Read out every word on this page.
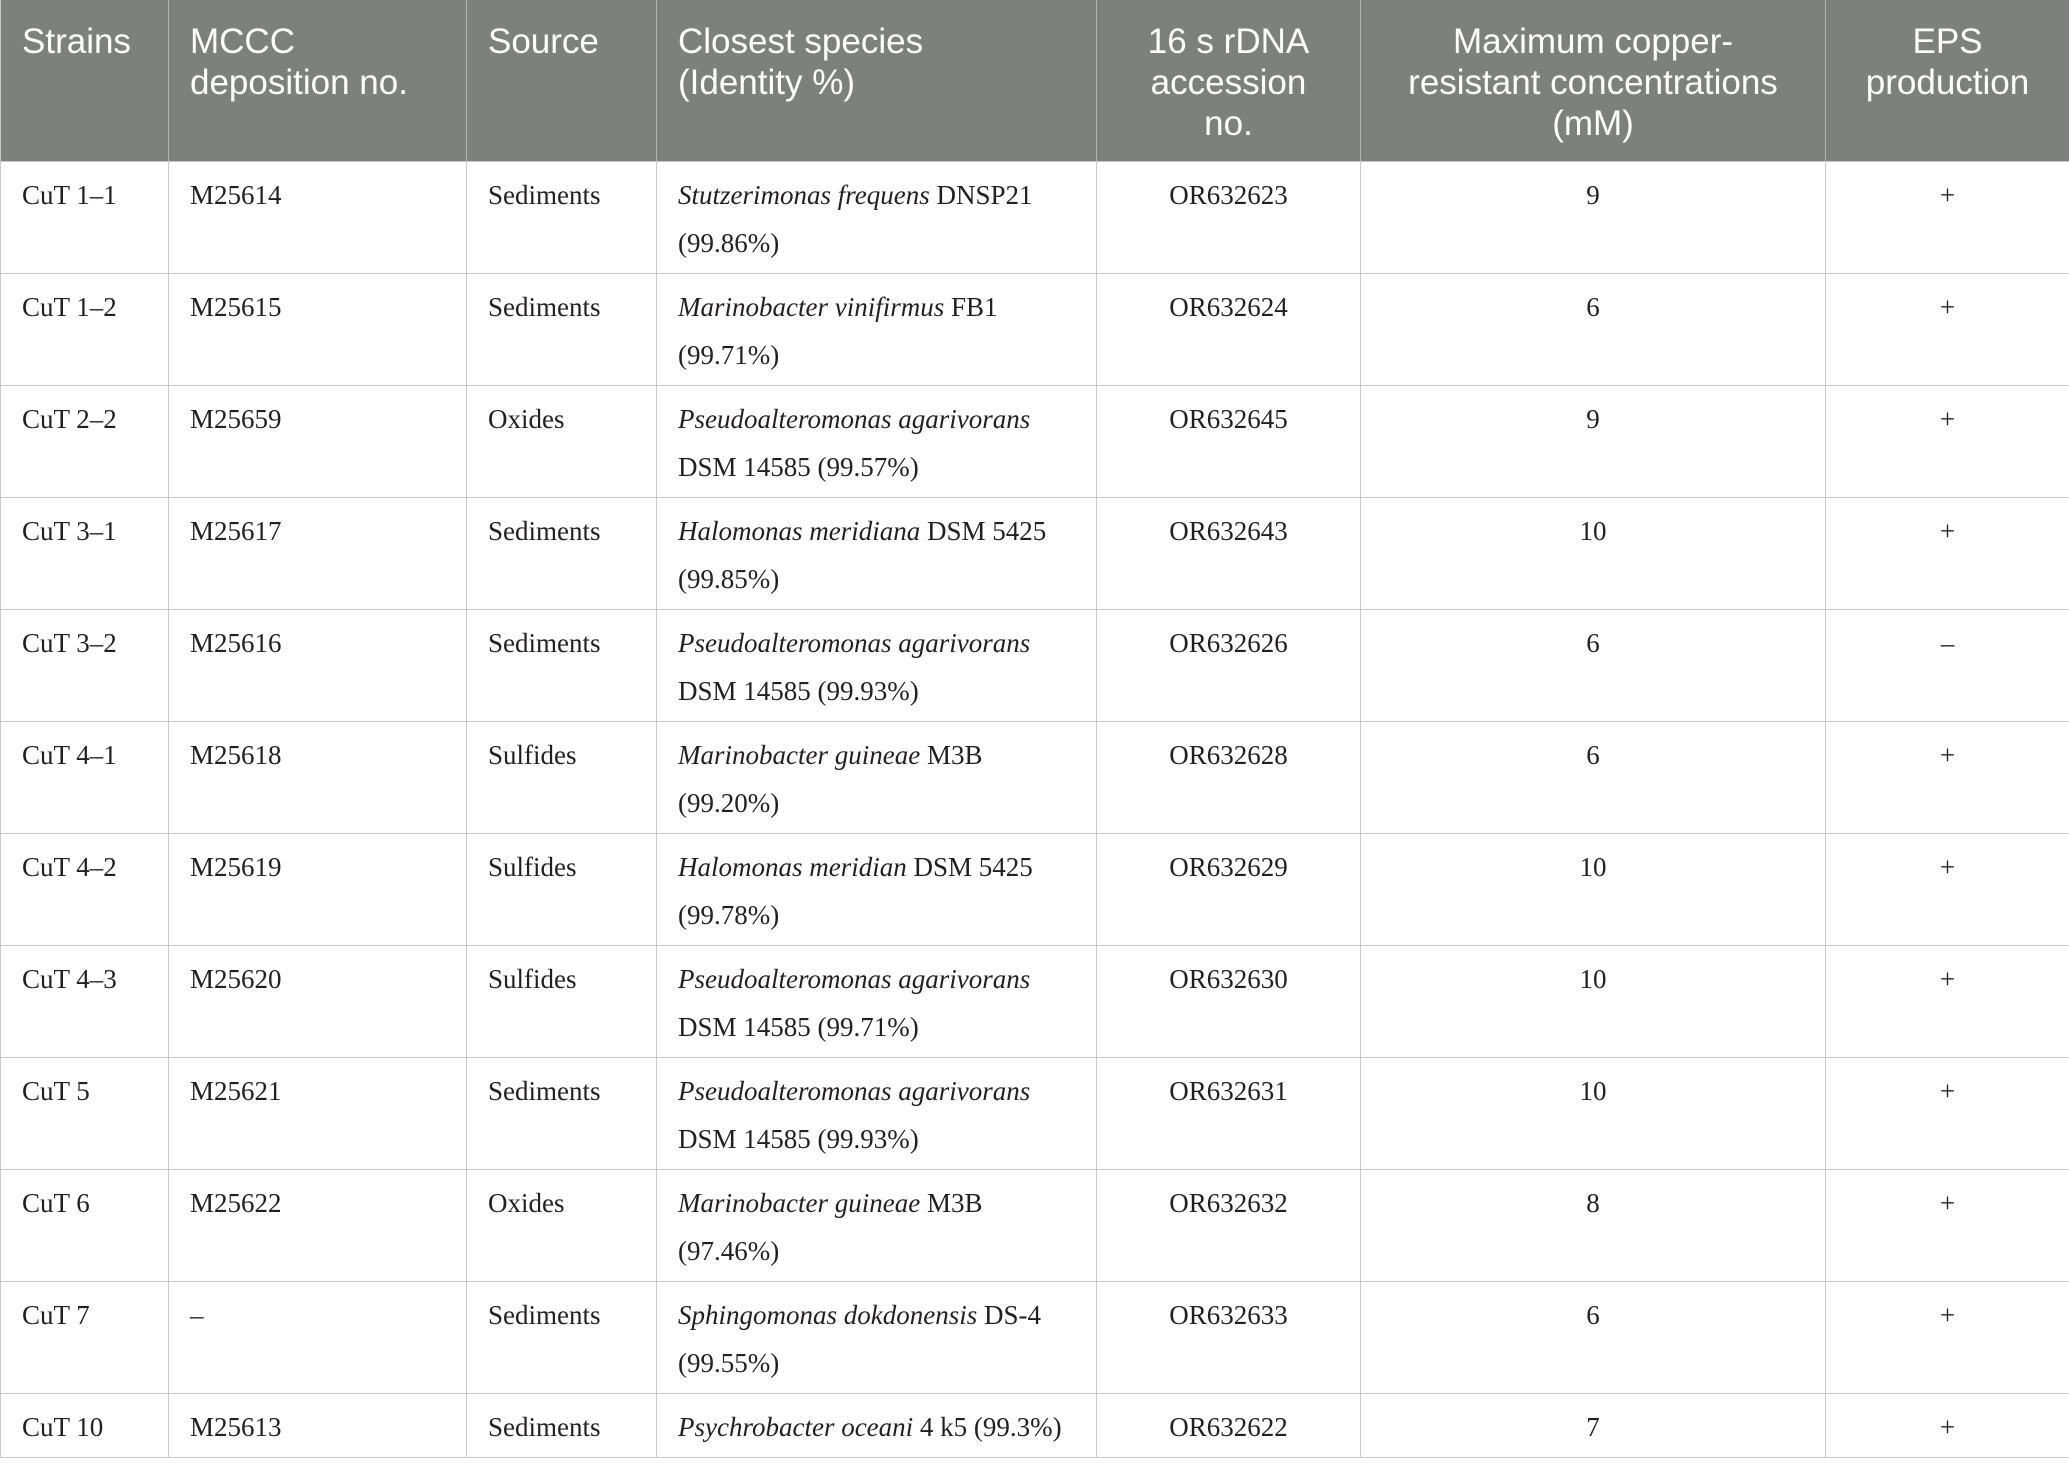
Strains	MCCC deposition no.	Source	Closest species (Identity %)	16 s rDNA accession no.	Maximum copper-resistant concentrations (mM)	EPS production
CuT 1–1	M25614	Sediments	Stutzerimonas frequens DNSP21 (99.86%)	OR632623	9	+
CuT 1–2	M25615	Sediments	Marinobacter vinifirmus FB1 (99.71%)	OR632624	6	+
CuT 2–2	M25659	Oxides	Pseudoalteromonas agarivorans DSM 14585 (99.57%)	OR632645	9	+
CuT 3–1	M25617	Sediments	Halomonas meridiana DSM 5425 (99.85%)	OR632643	10	+
CuT 3–2	M25616	Sediments	Pseudoalteromonas agarivorans DSM 14585 (99.93%)	OR632626	6	–
CuT 4–1	M25618	Sulfides	Marinobacter guineae M3B (99.20%)	OR632628	6	+
CuT 4–2	M25619	Sulfides	Halomonas meridian DSM 5425 (99.78%)	OR632629	10	+
CuT 4–3	M25620	Sulfides	Pseudoalteromonas agarivorans DSM 14585 (99.71%)	OR632630	10	+
CuT 5	M25621	Sediments	Pseudoalteromonas agarivorans DSM 14585 (99.93%)	OR632631	10	+
CuT 6	M25622	Oxides	Marinobacter guineae M3B (97.46%)	OR632632	8	+
CuT 7	–	Sediments	Sphingomonas dokdonensis DS-4 (99.55%)	OR632633	6	+
CuT 10	M25613	Sediments	Psychrobacter oceani 4 k5 (99.3%)	OR632622	7	+
